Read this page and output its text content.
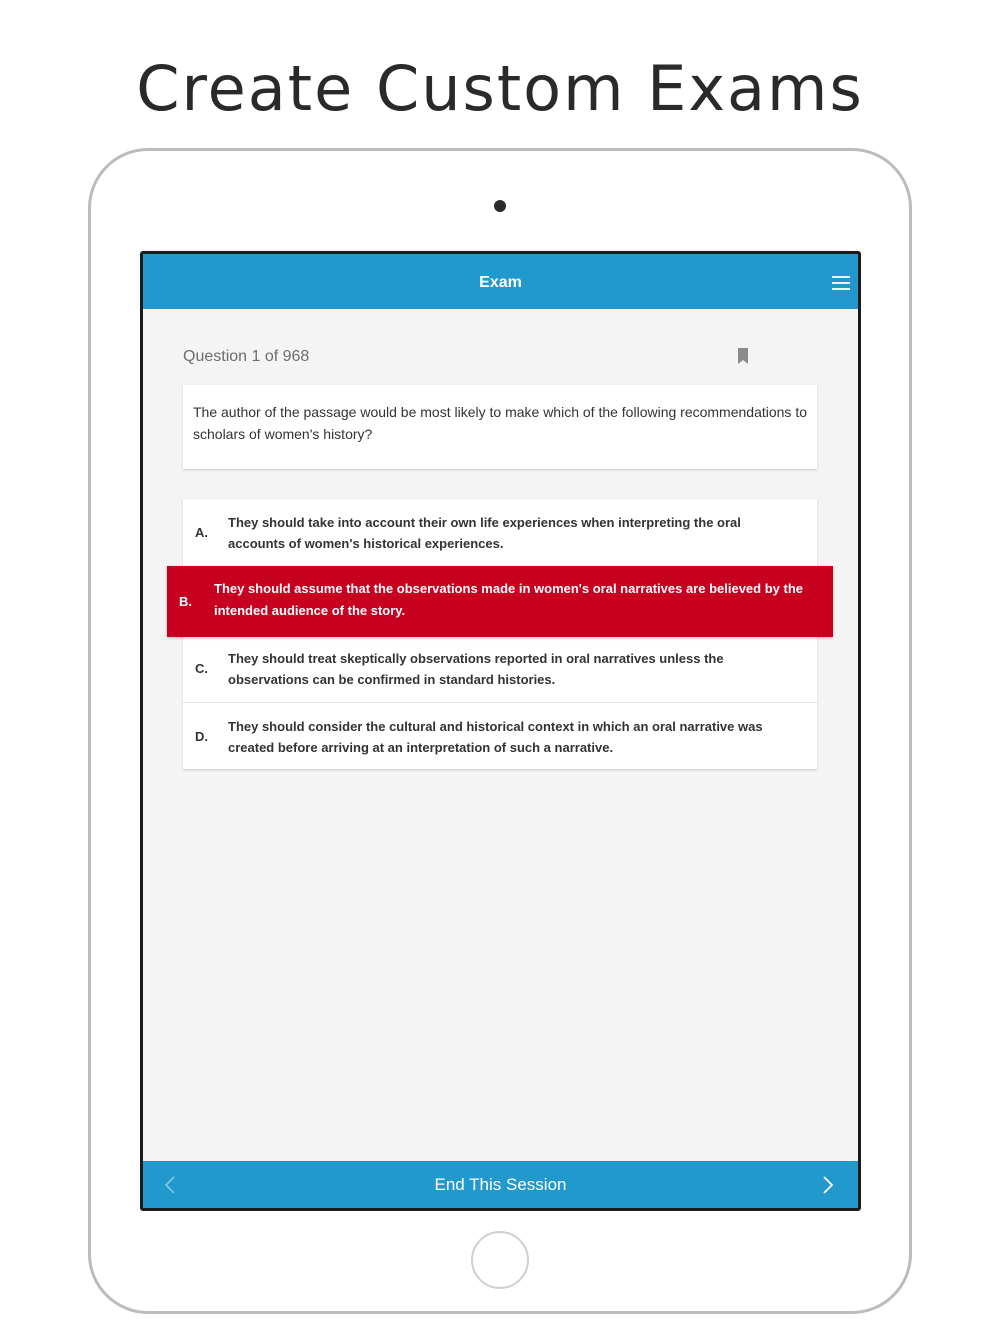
Create Custom Exams
Exam
Question 1 of 968
The author of the passage would be most likely to make which of the following recommendations to scholars of women's history?
A.
They should take into account their own life experiences when interpreting the oral accounts of women's historical experiences.
B.
They should assume that the observations made in women's oral narratives are believed by the intended audience of the story.
C.
They should treat skeptically observations reported in oral narratives unless the observations can be confirmed in standard histories.
D.
They should consider the cultural and historical context in which an oral narrative was created before arriving at an interpretation of such a narrative.
End This Session
